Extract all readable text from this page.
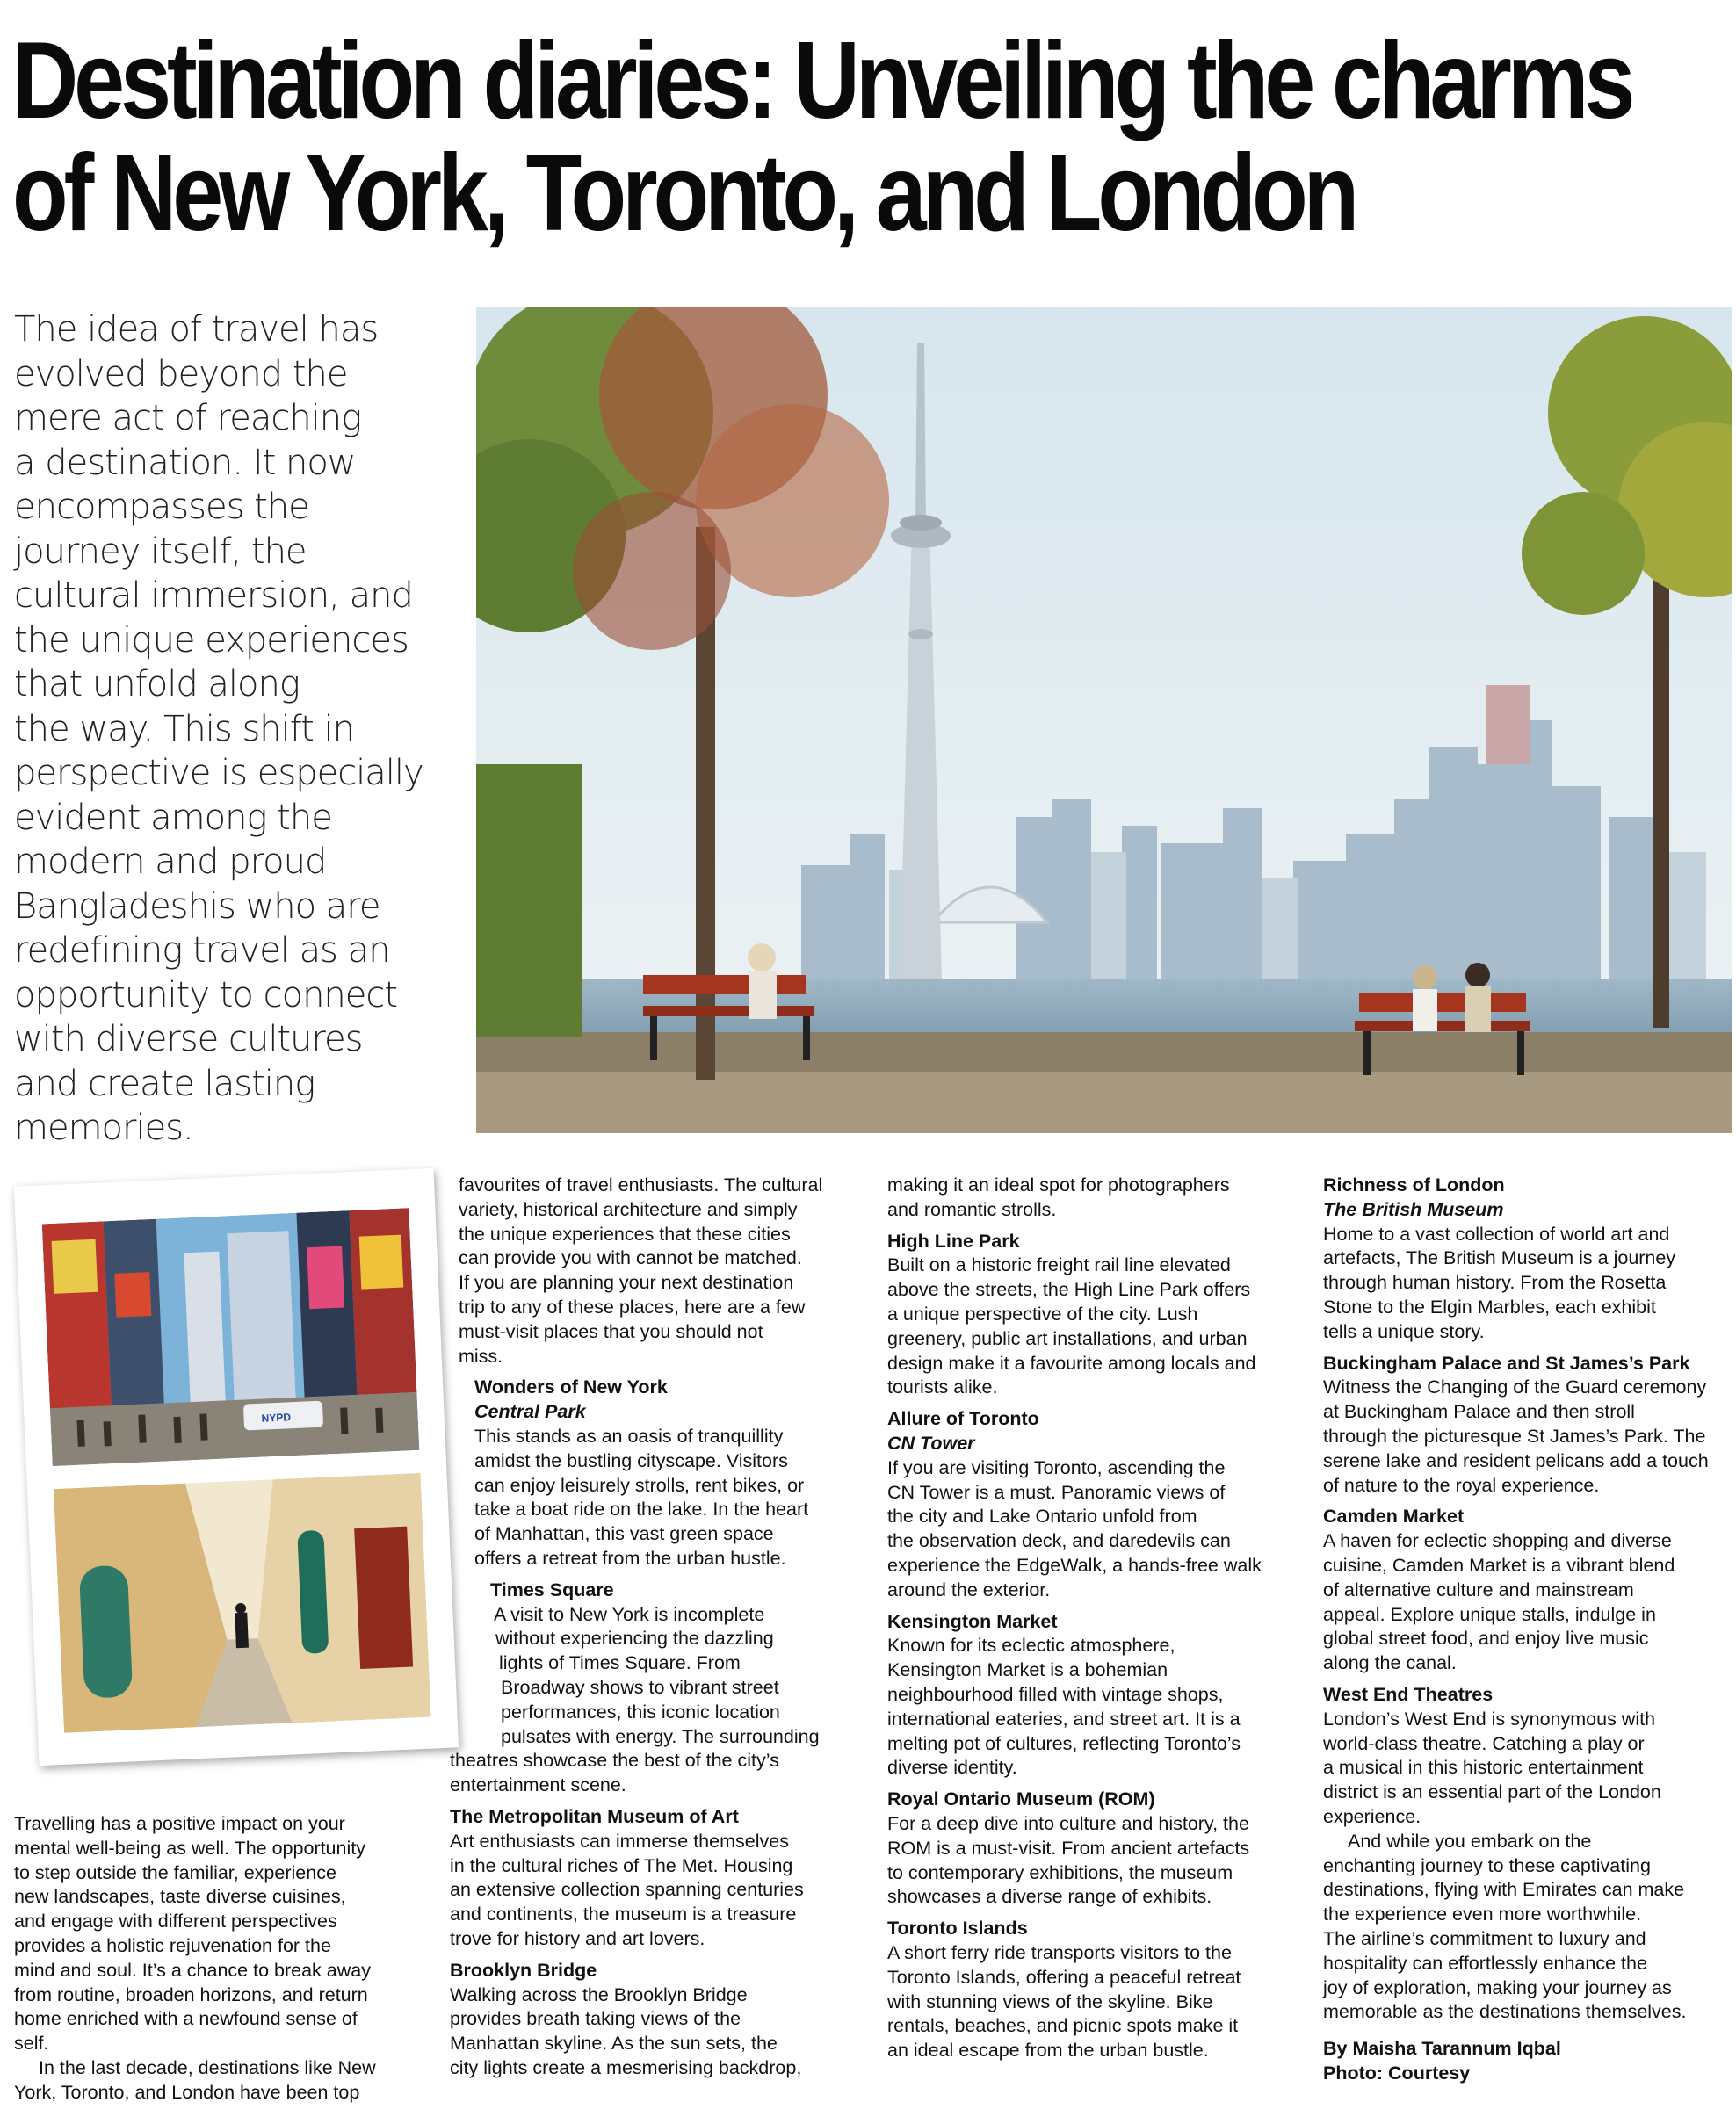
Destination diaries: Unveiling the charms
of New York, Toronto, and London
The idea of travel has
evolved beyond the
mere act of reaching
a destination. It now
encompasses the
journey itself, the
cultural immersion, and
the unique experiences
that unfold along
the way. This shift in
perspective is especially
evident among the
modern and proud
Bangladeshis who are
redefining travel as an
opportunity to connect
with diverse cultures
and create lasting
memories.
NYPD
Travelling has a positive impact on your
mental well-being as well. The opportunity
to step outside the familiar, experience
new landscapes, taste diverse cuisines,
and engage with different perspectives
provides a holistic rejuvenation for the
mind and soul. It’s a chance to break away
from routine, broaden horizons, and return
home enriched with a newfound sense of
self.
In the last decade, destinations like New
York, Toronto, and London have been top
favourites of travel enthusiasts. The cultural
variety, historical architecture and simply
the unique experiences that these cities
can provide you with cannot be matched.
If you are planning your next destination
trip to any of these places, here are a few
must-visit places that you should not
miss.
Wonders of New York
Central Park
This stands as an oasis of tranquillity
amidst the bustling cityscape. Visitors
can enjoy leisurely strolls, rent bikes, or
take a boat ride on the lake. In the heart
of Manhattan, this vast green space
offers a retreat from the urban hustle.
Times Square
A visit to New York is incomplete
without experiencing the dazzling
lights of Times Square. From
Broadway shows to vibrant street
performances, this iconic location
pulsates with energy. The surrounding
theatres showcase the best of the city’s
entertainment scene.
The Metropolitan Museum of Art
Art enthusiasts can immerse themselves
in the cultural riches of The Met. Housing
an extensive collection spanning centuries
and continents, the museum is a treasure
trove for history and art lovers.
Brooklyn Bridge
Walking across the Brooklyn Bridge
provides breath taking views of the
Manhattan skyline. As the sun sets, the
city lights create a mesmerising backdrop,
making it an ideal spot for photographers
and romantic strolls.
High Line Park
Built on a historic freight rail line elevated
above the streets, the High Line Park offers
a unique perspective of the city. Lush
greenery, public art installations, and urban
design make it a favourite among locals and
tourists alike.
Allure of Toronto
CN Tower
If you are visiting Toronto, ascending the
CN Tower is a must. Panoramic views of
the city and Lake Ontario unfold from
the observation deck, and daredevils can
experience the EdgeWalk, a hands-free walk
around the exterior.
Kensington Market
Known for its eclectic atmosphere,
Kensington Market is a bohemian
neighbourhood filled with vintage shops,
international eateries, and street art. It is a
melting pot of cultures, reflecting Toronto’s
diverse identity.
Royal Ontario Museum (ROM)
For a deep dive into culture and history, the
ROM is a must-visit. From ancient artefacts
to contemporary exhibitions, the museum
showcases a diverse range of exhibits.
Toronto Islands
A short ferry ride transports visitors to the
Toronto Islands, offering a peaceful retreat
with stunning views of the skyline. Bike
rentals, beaches, and picnic spots make it
an ideal escape from the urban bustle.
Richness of London
The British Museum
Home to a vast collection of world art and
artefacts, The British Museum is a journey
through human history. From the Rosetta
Stone to the Elgin Marbles, each exhibit
tells a unique story.
Buckingham Palace and St James’s Park
Witness the Changing of the Guard ceremony
at Buckingham Palace and then stroll
through the picturesque St James’s Park. The
serene lake and resident pelicans add a touch
of nature to the royal experience.
Camden Market
A haven for eclectic shopping and diverse
cuisine, Camden Market is a vibrant blend
of alternative culture and mainstream
appeal. Explore unique stalls, indulge in
global street food, and enjoy live music
along the canal.
West End Theatres
London’s West End is synonymous with
world-class theatre. Catching a play or
a musical in this historic entertainment
district is an essential part of the London
experience.
And while you embark on the
enchanting journey to these captivating
destinations, flying with Emirates can make
the experience even more worthwhile.
The airline’s commitment to luxury and
hospitality can effortlessly enhance the
joy of exploration, making your journey as
memorable as the destinations themselves.
By Maisha Tarannum Iqbal
Photo: Courtesy
